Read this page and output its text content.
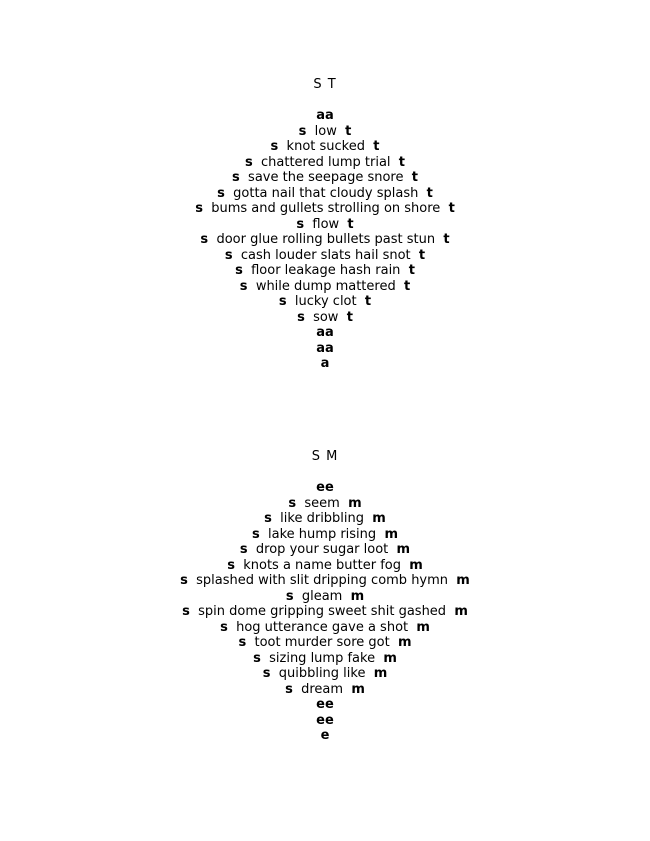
S T
aa
s low t
s knot sucked t
s chattered lump trial t
s save the seepage snore t
s gotta nail that cloudy splash t
s bums and gullets strolling on shore t
s flow t
s door glue rolling bullets past stun t
s cash louder slats hail snot t
s floor leakage hash rain t
s while dump mattered t
s lucky clot t
s sow t
aa
aa
a
S M
ee
s seem m
s like dribbling m
s lake hump rising m
s drop your sugar loot m
s knots a name butter fog m
s splashed with slit dripping comb hymn m
s gleam m
s spin dome gripping sweet shit gashed m
s hog utterance gave a shot m
s toot murder sore got m
s sizing lump fake m
s quibbling like m
s dream m
ee
ee
e
